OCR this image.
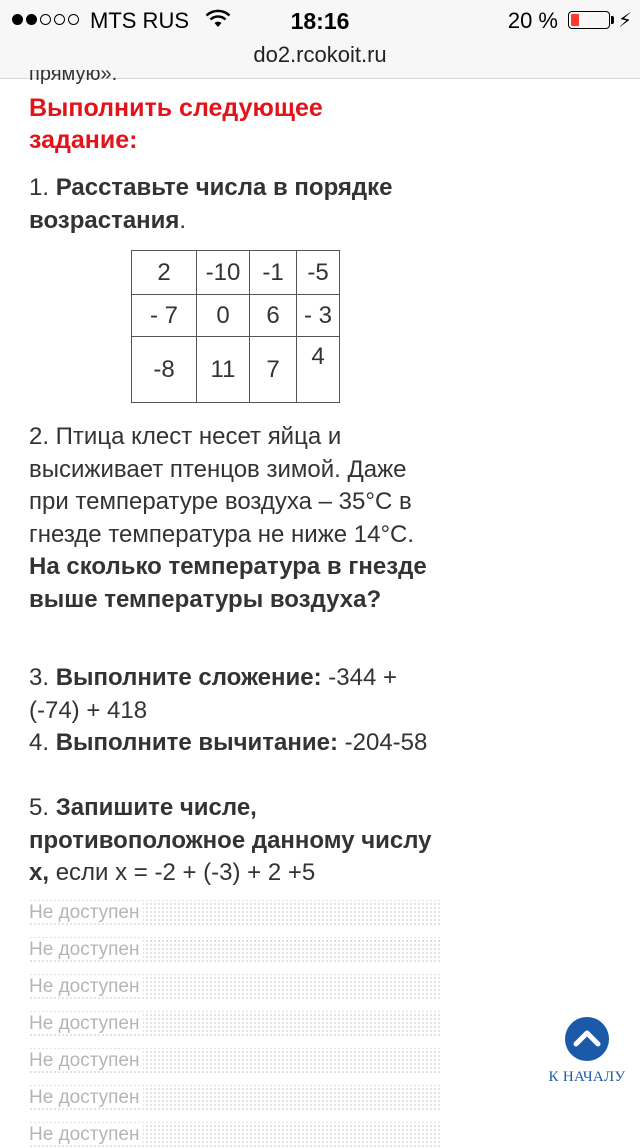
MTS RUS	18:16	20 %	⚡
do2.rcokoit.ru
прямую».
Выполнить следующее задание:
1. Расставьте числа в порядке возрастания.
2	-10	-1	-5
- 7	0	6	- 3
-8	11	7	4
2. Птица клест несет яйца и высиживает птенцов зимой. Даже при температуре воздуха – 35°С в гнезде температура не ниже 14°С. На сколько температура в гнезде выше температуры воздуха?
3. Выполните сложение: -344 + (-74) + 418
4. Выполните вычитание: -204-58
5. Запишите числе, противоположное данному числу х, если х = -2 + (-3) + 2 +5
Не доступен
Не доступен
Не доступен
Не доступен
Не доступен
Не доступен
Не доступен
К НАЧАЛУ
